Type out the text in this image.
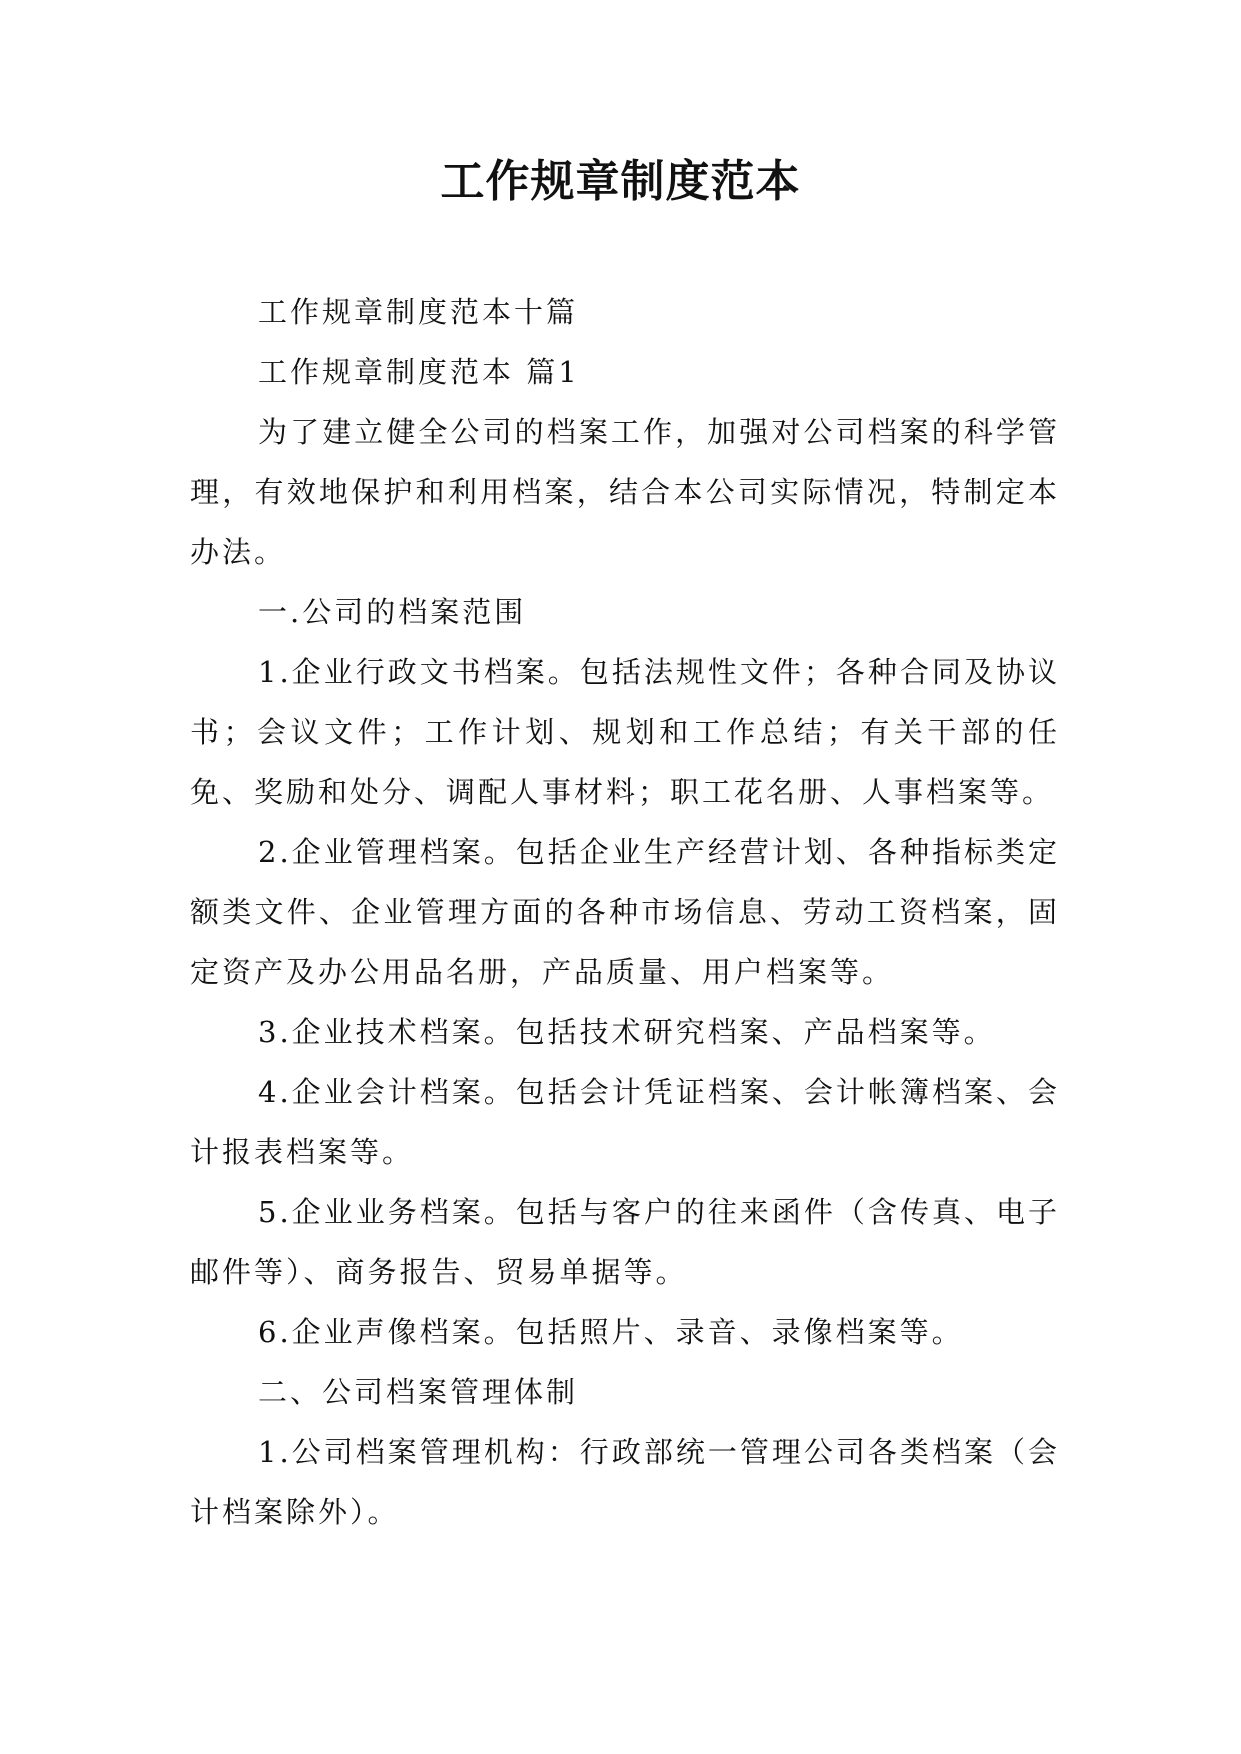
工作规章制度范本

工作规章制度范本十篇

工作规章制度范本 篇1

为了建立健全公司的档案工作，加强对公司档案的科学管理，有效地保护和利用档案，结合本公司实际情况，特制定本办法。

一.公司的档案范围

1.企业行政文书档案。包括法规性文件；各种合同及协议书；会议文件；工作计划、规划和工作总结；有关干部的任免、奖励和处分、调配人事材料；职工花名册、人事档案等。

2.企业管理档案。包括企业生产经营计划、各种指标类定额类文件、企业管理方面的各种市场信息、劳动工资档案，固定资产及办公用品名册，产品质量、用户档案等。

3.企业技术档案。包括技术研究档案、产品档案等。

4.企业会计档案。包括会计凭证档案、会计帐簿档案、会计报表档案等。

5.企业业务档案。包括与客户的往来函件（含传真、电子邮件等）、商务报告、贸易单据等。

6.企业声像档案。包括照片、录音、录像档案等。

二、公司档案管理体制

1.公司档案管理机构：行政部统一管理公司各类档案（会计档案除外）。
